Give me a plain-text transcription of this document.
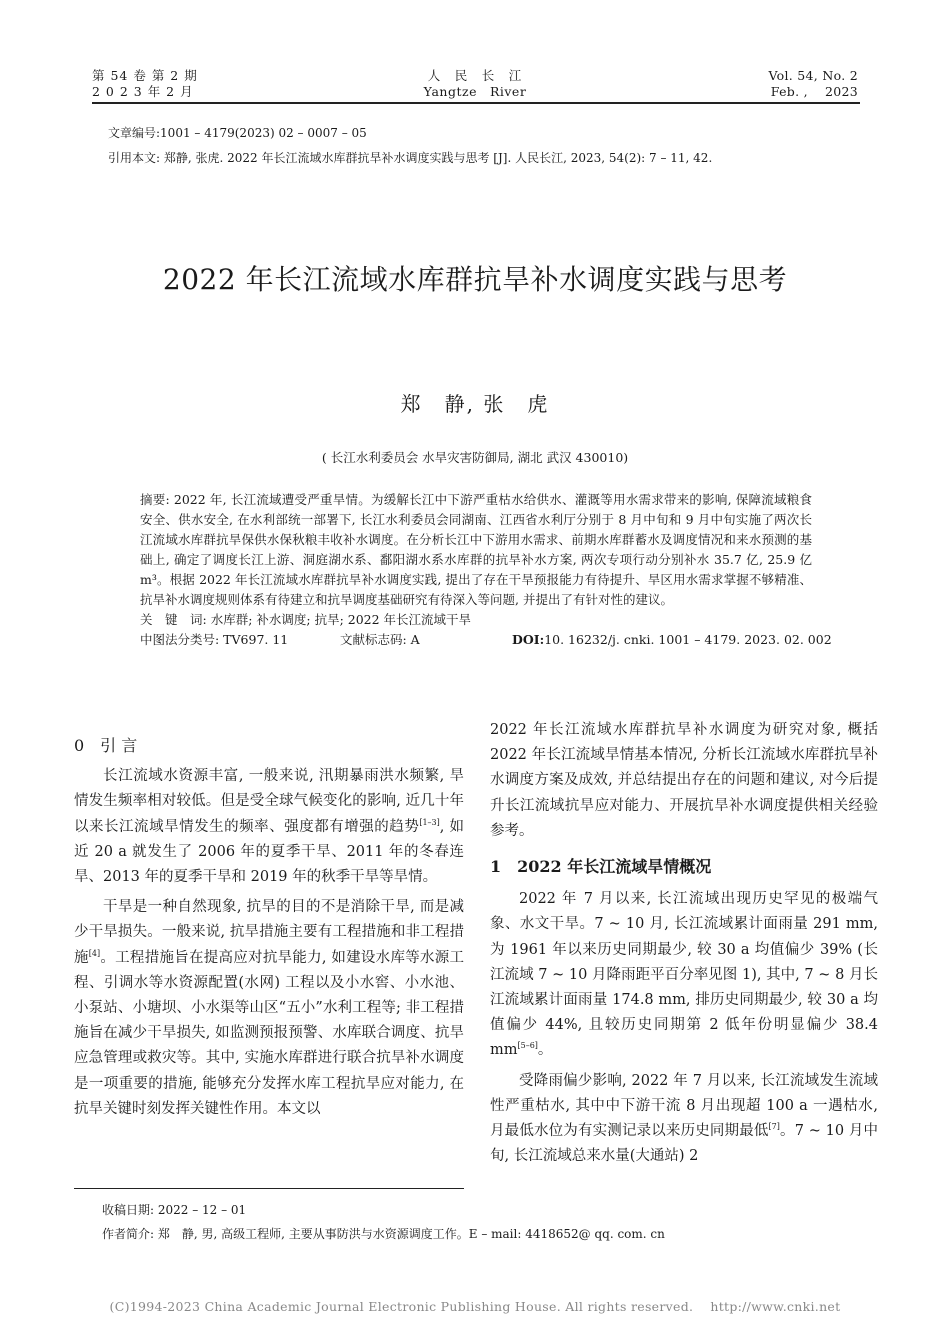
第 54 卷 第 2 期
2 0 2 3 年 2 月
人　民　长　江
Yangtze　River
Vol. 54, No. 2
Feb. ,　 2023
文章编号:1001 – 4179(2023) 02 – 0007 – 05
引用本文: 郑静, 张虎. 2022 年长江流域水库群抗旱补水调度实践与思考 [J]. 人民长江, 2023, 54(2): 7 – 11, 42.
2022 年长江流域水库群抗旱补水调度实践与思考
郑　静, 张　虎
( 长江水利委员会 水旱灾害防御局, 湖北 武汉 430010)
摘要: 2022 年, 长江流域遭受严重旱情。为缓解长江中下游严重枯水给供水、灌溉等用水需求带来的影响, 保障流域粮食安全、供水安全, 在水利部统一部署下, 长江水利委员会同湖南、江西省水利厅分别于 8 月中旬和 9 月中旬实施了两次长江流域水库群抗旱保供水保秋粮丰收补水调度。在分析长江中下游用水需求、前期水库群蓄水及调度情况和来水预测的基础上, 确定了调度长江上游、洞庭湖水系、鄱阳湖水系水库群的抗旱补水方案, 两次专项行动分别补水 35.7 亿, 25.9 亿 m³。根据 2022 年长江流域水库群抗旱补水调度实践, 提出了存在干旱预报能力有待提升、旱区用水需求掌握不够精准、抗旱补水调度规则体系有待建立和抗旱调度基础研究有待深入等问题, 并提出了有针对性的建议。
关　键　词: 水库群; 补水调度; 抗旱; 2022 年长江流域干旱
中图法分类号: TV697. 11	文献标志码: A	DOI:10. 16232/j. cnki. 1001 – 4179. 2023. 02. 002
0　引 言

长江流域水资源丰富, 一般来说, 汛期暴雨洪水频繁, 旱情发生频率相对较低。但是受全球气候变化的影响, 近几十年以来长江流域旱情发生的频率、强度都有增强的趋势[1–3], 如近 20 a 就发生了 2006 年的夏季干旱、2011 年的冬春连旱、2013 年的夏季干旱和 2019 年的秋季干旱等旱情。

干旱是一种自然现象, 抗旱的目的不是消除干旱, 而是减少干旱损失。一般来说, 抗旱措施主要有工程措施和非工程措施[4]。工程措施旨在提高应对抗旱能力, 如建设水库等水源工程、引调水等水资源配置(水网) 工程以及小水窖、小水池、小泵站、小塘坝、小水渠等山区“五小”水利工程等; 非工程措施旨在减少干旱损失, 如监测预报预警、水库联合调度、抗旱应急管理或救灾等。其中, 实施水库群进行联合抗旱补水调度是一项重要的措施, 能够充分发挥水库工程抗旱应对能力, 在抗旱关键时刻发挥关键性作用。本文以

2022 年长江流域水库群抗旱补水调度为研究对象, 概括 2022 年长江流域旱情基本情况, 分析长江流域水库群抗旱补水调度方案及成效, 并总结提出存在的问题和建议, 对今后提升长江流域抗旱应对能力、开展抗旱补水调度提供相关经验参考。

1　2022 年长江流域旱情概况

2022 年 7 月以来, 长江流域出现历史罕见的极端气象、水文干旱。7 ~ 10 月, 长江流域累计面雨量 291 mm, 为 1961 年以来历史同期最少, 较 30 a 均值偏少 39% (长江流域 7 ~ 10 月降雨距平百分率见图 1), 其中, 7 ~ 8 月长江流域累计面雨量 174.8 mm, 排历史同期最少, 较 30 a 均值偏少 44%, 且较历史同期第 2 低年份明显偏少 38.4 mm[5–6]。

受降雨偏少影响, 2022 年 7 月以来, 长江流域发生流域性严重枯水, 其中中下游干流 8 月出现超 100 a 一遇枯水, 月最低水位为有实测记录以来历史同期最低[7]。7 ~ 10 月中旬, 长江流域总来水量(大通站) 2

收稿日期: 2022 – 12 – 01
作者简介: 郑　静, 男, 高级工程师, 主要从事防洪与水资源调度工作。E – mail: 4418652@ qq. com. cn
(C)1994-2023 China Academic Journal Electronic Publishing House. All rights reserved.　 http://www.cnki.net
